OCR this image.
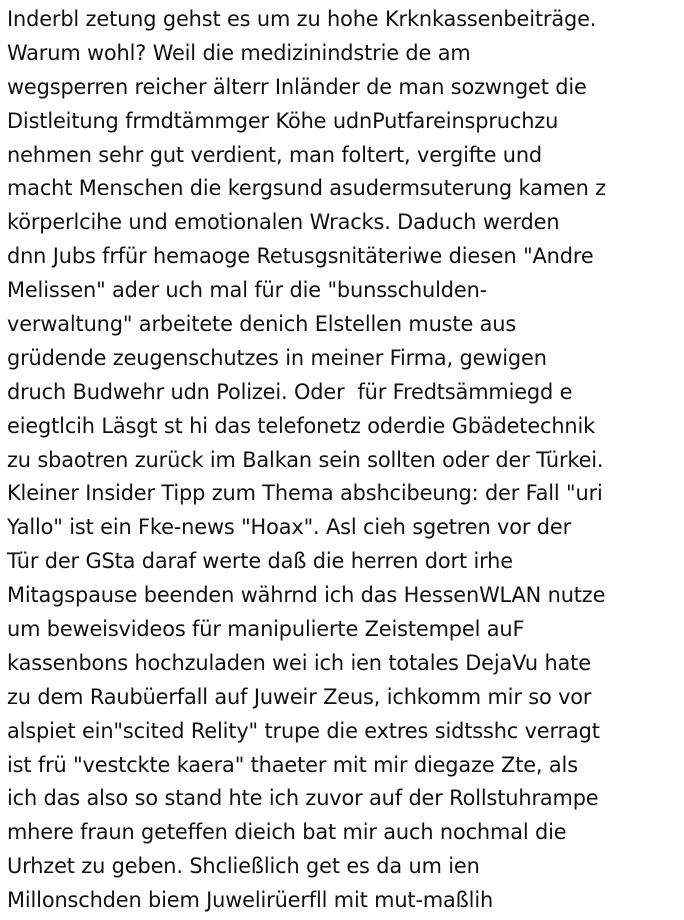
Inderbl zetung gehst es um zu hohe Krknkassenbeiträge.
Warum wohl? Weil die medizinindstrie de am
wegsperren reicher älterr Inländer de man sozwnget die
Distleitung frmdtämmger Köhe udnPutfareinspruchzu
nehmen sehr gut verdient, man foltert, vergifte und
macht Menschen die kergsund asudermsuterung kamen z
körperlcihe und emotionalen Wracks. Daduch werden
dnn Jubs frfür hemaoge Retusgsnitäteriwe diesen "Andre
Melissen" ader uch mal für die "bunsschulden-
verwaltung" arbeitete denich Elstellen muste aus
grüdende zeugenschutzes in meiner Firma, gewigen
druch Budwehr udn Polizei. Oder  für Fredtsämmiegd e
eiegtlcih Läsgt st hi das telefonetz oderdie Gbädetechnik
zu sbaotren zurück im Balkan sein sollten oder der Türkei.
Kleiner Insider Tipp zum Thema abshcibeung: der Fall "uri
Yallo" ist ein Fke-news "Hoax". Asl cieh sgetren vor der
Tür der GSta daraf werte daß die herren dort irhe
Mitagspause beenden währnd ich das HessenWLAN nutze
um beweisvideos für manipulierte Zeistempel auF
kassenbons hochzuladen wei ich ien totales DejaVu hate
zu dem Raubüerfall auf Juweir Zeus, ichkomm mir so vor
alspiet ein"scited Relity" trupe die extres sidtsshc verragt
ist frü "vestckte kaera" thaeter mit mir diegaze Zte, als
ich das also so stand hte ich zuvor auf der Rollstuhrampe
mhere fraun geteffen dieich bat mir auch nochmal die
Urhzet zu geben. Shcließlich get es da um ien
Millonschden biem Juwelirüerfll mit mut-maßlih
